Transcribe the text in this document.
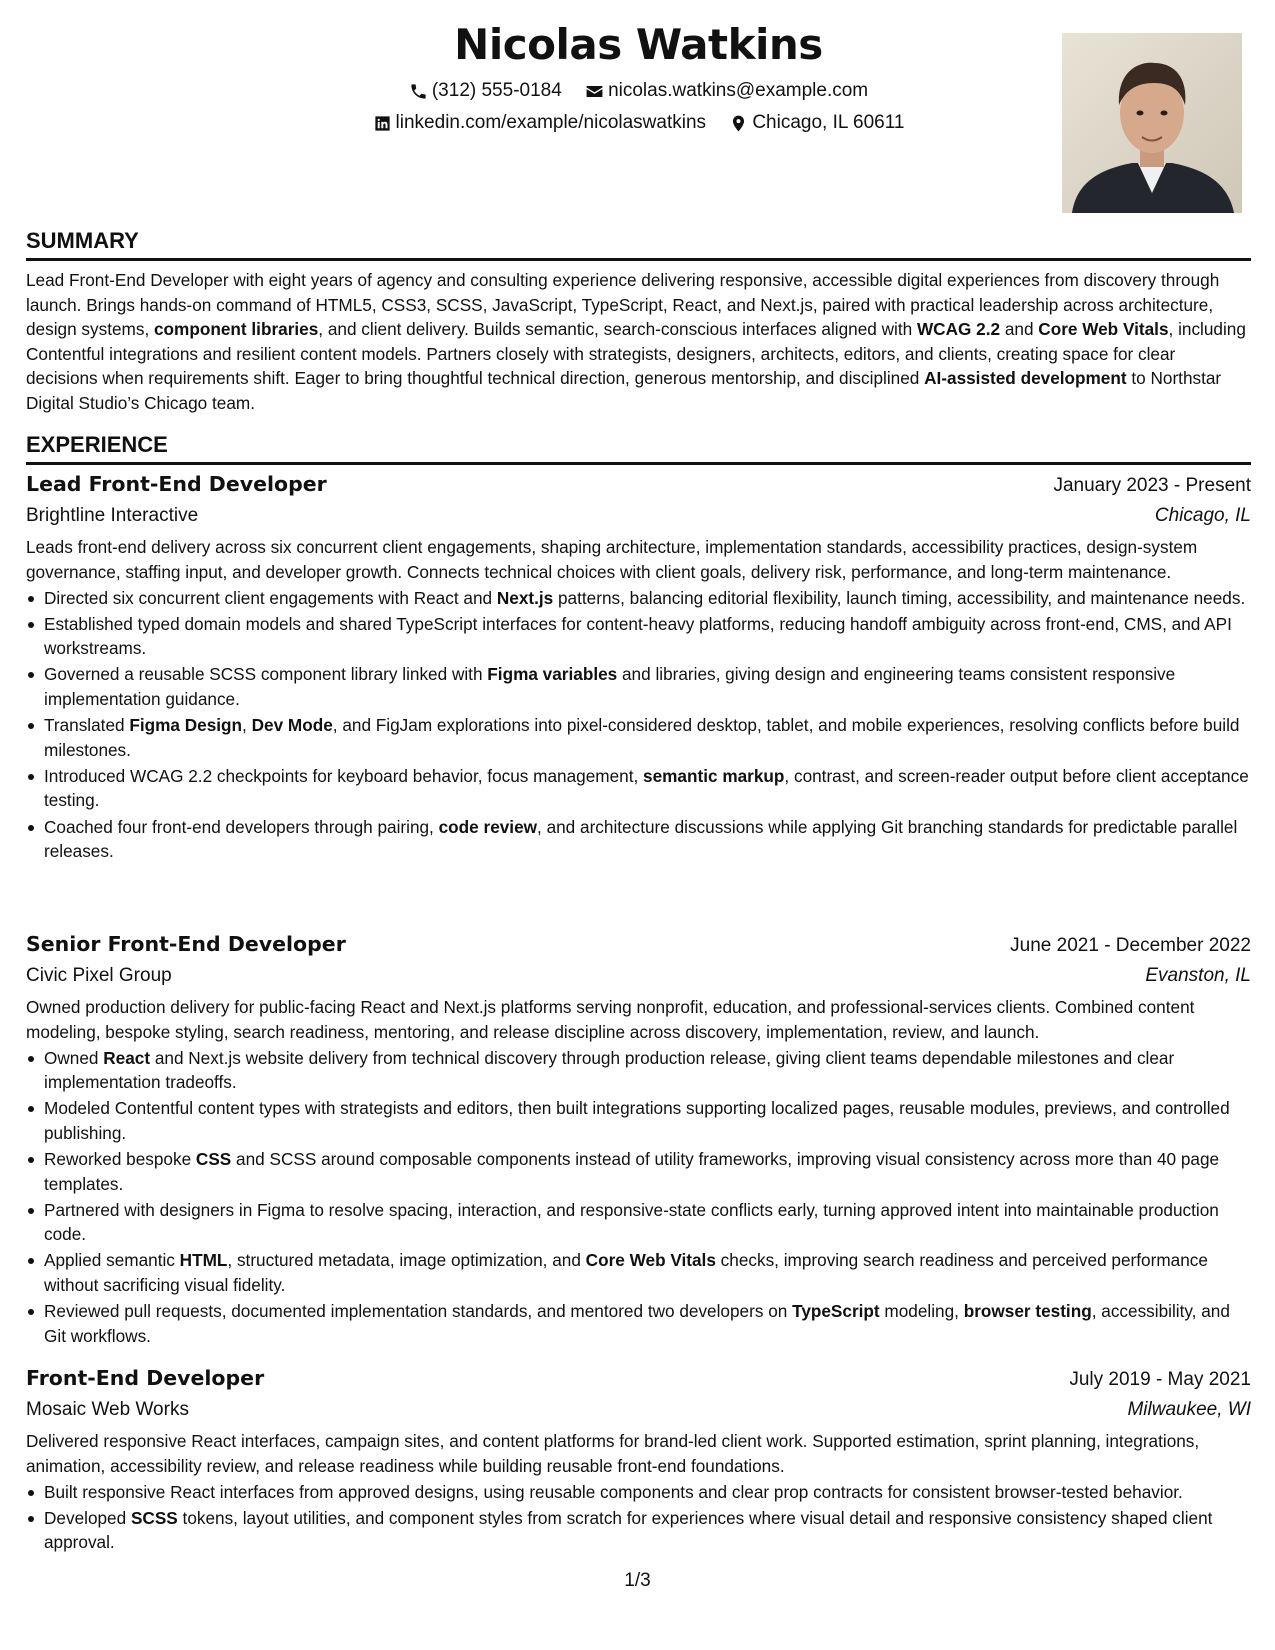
Nicolas Watkins
(312) 555-0184
nicolas.watkins@example.com
linkedin.com/example/nicolaswatkins
Chicago, IL 60611
SUMMARY
Lead Front-End Developer with eight years of agency and consulting experience delivering responsive, accessible digital experiences from discovery through launch. Brings hands-on command of HTML5, CSS3, SCSS, JavaScript, TypeScript, React, and Next.js, paired with practical leadership across architecture, design systems, component libraries, and client delivery. Builds semantic, search-conscious interfaces aligned with WCAG 2.2 and Core Web Vitals, including Contentful integrations and resilient content models. Partners closely with strategists, designers, architects, editors, and clients, creating space for clear decisions when requirements shift. Eager to bring thoughtful technical direction, generous mentorship, and disciplined AI-assisted development to Northstar Digital Studio’s Chicago team.
EXPERIENCE
Lead Front-End Developer	January 2023 - Present
Brightline Interactive	Chicago, IL
Leads front-end delivery across six concurrent client engagements, shaping architecture, implementation standards, accessibility practices, design-system governance, staffing input, and developer growth. Connects technical choices with client goals, delivery risk, performance, and long-term maintenance.
Directed six concurrent client engagements with React and Next.js patterns, balancing editorial flexibility, launch timing, accessibility, and maintenance needs.
Established typed domain models and shared TypeScript interfaces for content-heavy platforms, reducing handoff ambiguity across front-end, CMS, and API workstreams.
Governed a reusable SCSS component library linked with Figma variables and libraries, giving design and engineering teams consistent responsive implementation guidance.
Translated Figma Design, Dev Mode, and FigJam explorations into pixel-considered desktop, tablet, and mobile experiences, resolving conflicts before build milestones.
Introduced WCAG 2.2 checkpoints for keyboard behavior, focus management, semantic markup, contrast, and screen-reader output before client acceptance testing.
Coached four front-end developers through pairing, code review, and architecture discussions while applying Git branching standards for predictable parallel releases.
Senior Front-End Developer	June 2021 - December 2022
Civic Pixel Group	Evanston, IL
Owned production delivery for public-facing React and Next.js platforms serving nonprofit, education, and professional-services clients. Combined content modeling, bespoke styling, search readiness, mentoring, and release discipline across discovery, implementation, review, and launch.
Owned React and Next.js website delivery from technical discovery through production release, giving client teams dependable milestones and clear implementation tradeoffs.
Modeled Contentful content types with strategists and editors, then built integrations supporting localized pages, reusable modules, previews, and controlled publishing.
Reworked bespoke CSS and SCSS around composable components instead of utility frameworks, improving visual consistency across more than 40 page templates.
Partnered with designers in Figma to resolve spacing, interaction, and responsive-state conflicts early, turning approved intent into maintainable production code.
Applied semantic HTML, structured metadata, image optimization, and Core Web Vitals checks, improving search readiness and perceived performance without sacrificing visual fidelity.
Reviewed pull requests, documented implementation standards, and mentored two developers on TypeScript modeling, browser testing, accessibility, and Git workflows.
Front-End Developer	July 2019 - May 2021
Mosaic Web Works	Milwaukee, WI
Delivered responsive React interfaces, campaign sites, and content platforms for brand-led client work. Supported estimation, sprint planning, integrations, animation, accessibility review, and release readiness while building reusable front-end foundations.
Built responsive React interfaces from approved designs, using reusable components and clear prop contracts for consistent browser-tested behavior.
Developed SCSS tokens, layout utilities, and component styles from scratch for experiences where visual detail and responsive consistency shaped client approval.
1/3
